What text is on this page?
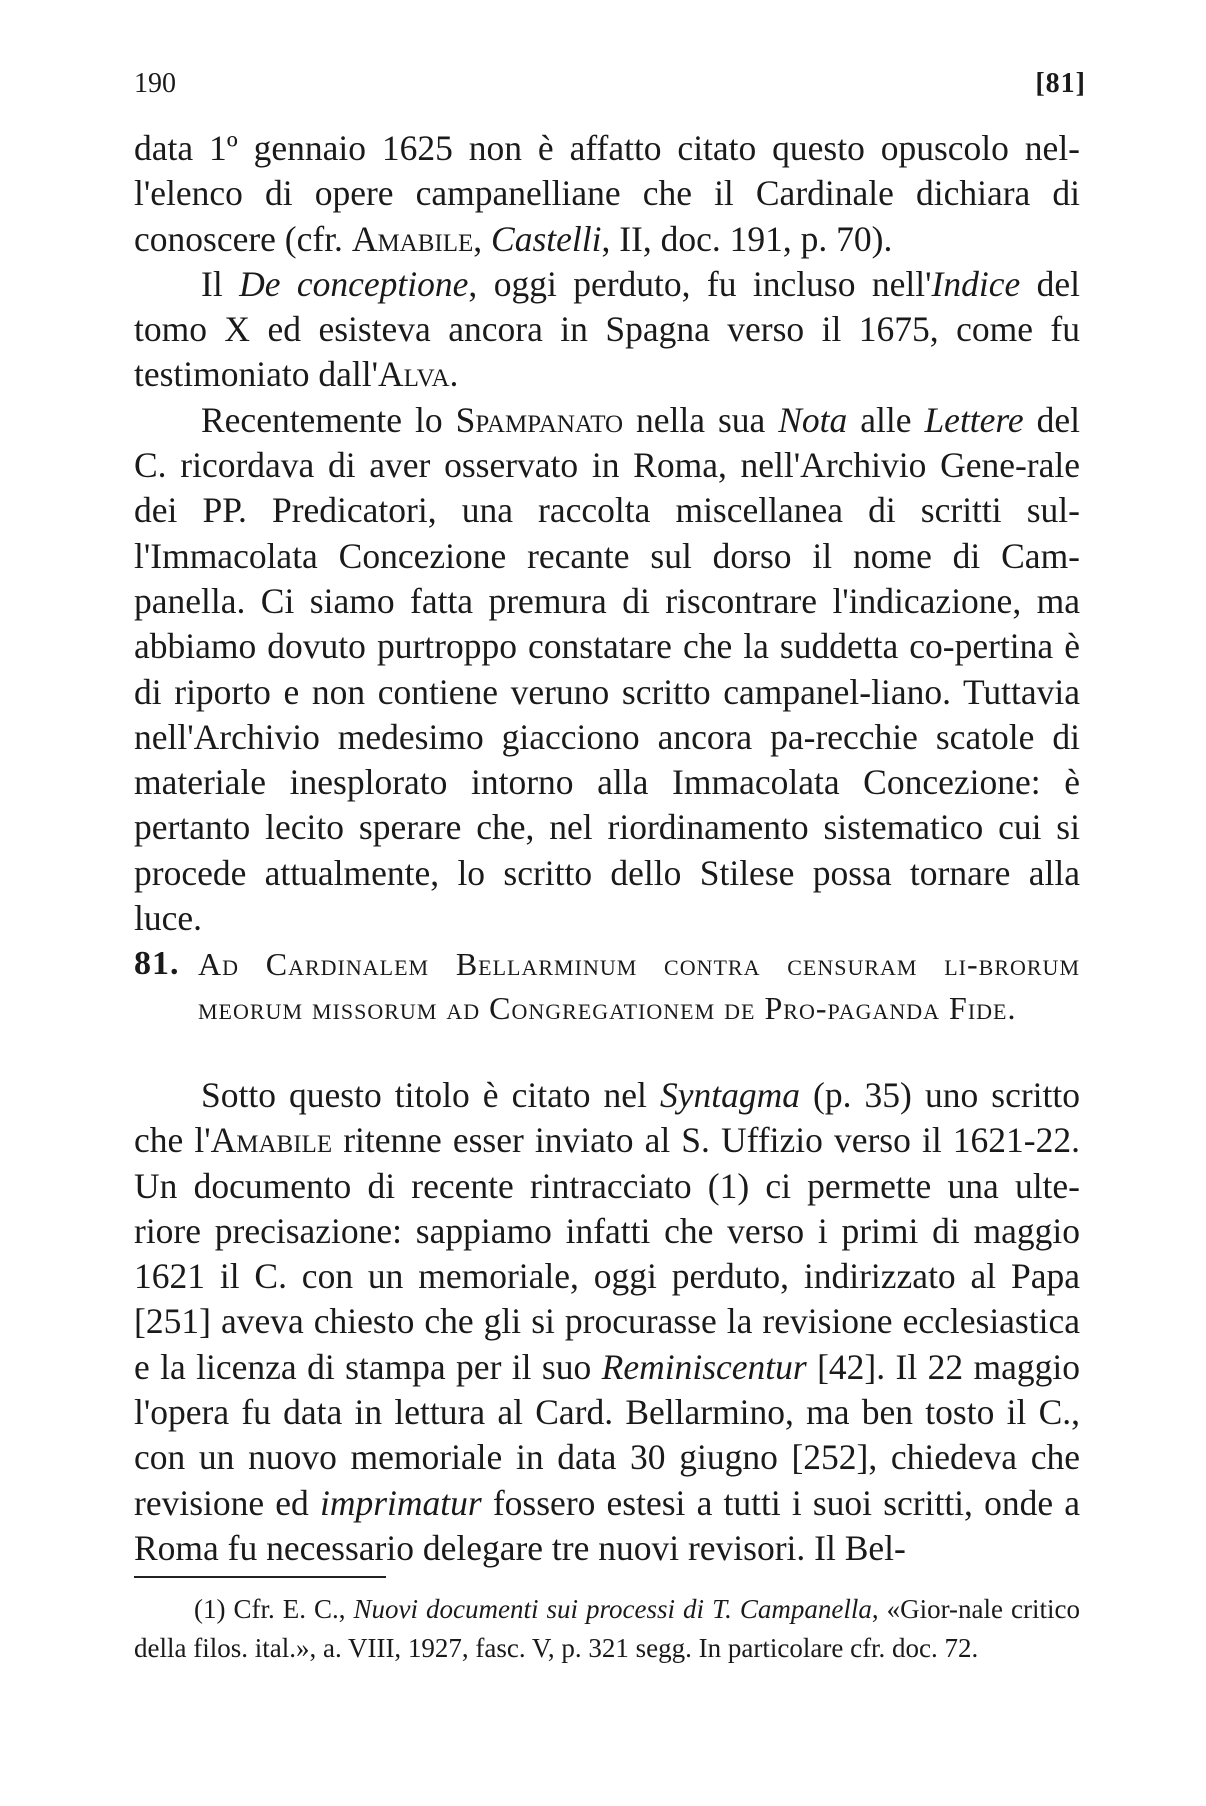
190	[81]

data 1º gennaio 1625 non è affatto citato questo opuscolo nel-l'elenco di opere campanelliane che il Cardinale dichiara di conoscere (cfr. Amabile, Castelli, II, doc. 191, p. 70).

Il De conceptione, oggi perduto, fu incluso nell'Indice del tomo X ed esisteva ancora in Spagna verso il 1675, come fu testimoniato dall'Alva.

Recentemente lo Spampanato nella sua Nota alle Lettere del C. ricordava di aver osservato in Roma, nell'Archivio Gene-rale dei PP. Predicatori, una raccolta miscellanea di scritti sul-l'Immacolata Concezione recante sul dorso il nome di Cam-panella. Ci siamo fatta premura di riscontrare l'indicazione, ma abbiamo dovuto purtroppo constatare che la suddetta co-pertina è di riporto e non contiene veruno scritto campanel-liano. Tuttavia nell'Archivio medesimo giacciono ancora pa-recchie scatole di materiale inesplorato intorno alla Immacolata Concezione: è pertanto lecito sperare che, nel riordinamento sistematico cui si procede attualmente, lo scritto dello Stilese possa tornare alla luce.

81. Ad Cardinalem Bellarminum contra censuram li-brorum meorum missorum ad Congregationem de Pro-paganda Fide.

Sotto questo titolo è citato nel Syntagma (p. 35) uno scritto che l'Amabile ritenne esser inviato al S. Uffizio verso il 1621-22. Un documento di recente rintracciato (1) ci permette una ulte-riore precisazione: sappiamo infatti che verso i primi di maggio 1621 il C. con un memoriale, oggi perduto, indirizzato al Papa [251] aveva chiesto che gli si procurasse la revisione ecclesiastica e la licenza di stampa per il suo Reminiscentur [42]. Il 22 maggio l'opera fu data in lettura al Card. Bellarmino, ma ben tosto il C., con un nuovo memoriale in data 30 giugno [252], chiedeva che revisione ed imprimatur fossero estesi a tutti i suoi scritti, onde a Roma fu necessario delegare tre nuovi revisori. Il Bel-

(1) Cfr. E. C., Nuovi documenti sui processi di T. Campanella, «Gior-nale critico della filos. ital.», a. VIII, 1927, fasc. V, p. 321 segg. In particolare cfr. doc. 72.
